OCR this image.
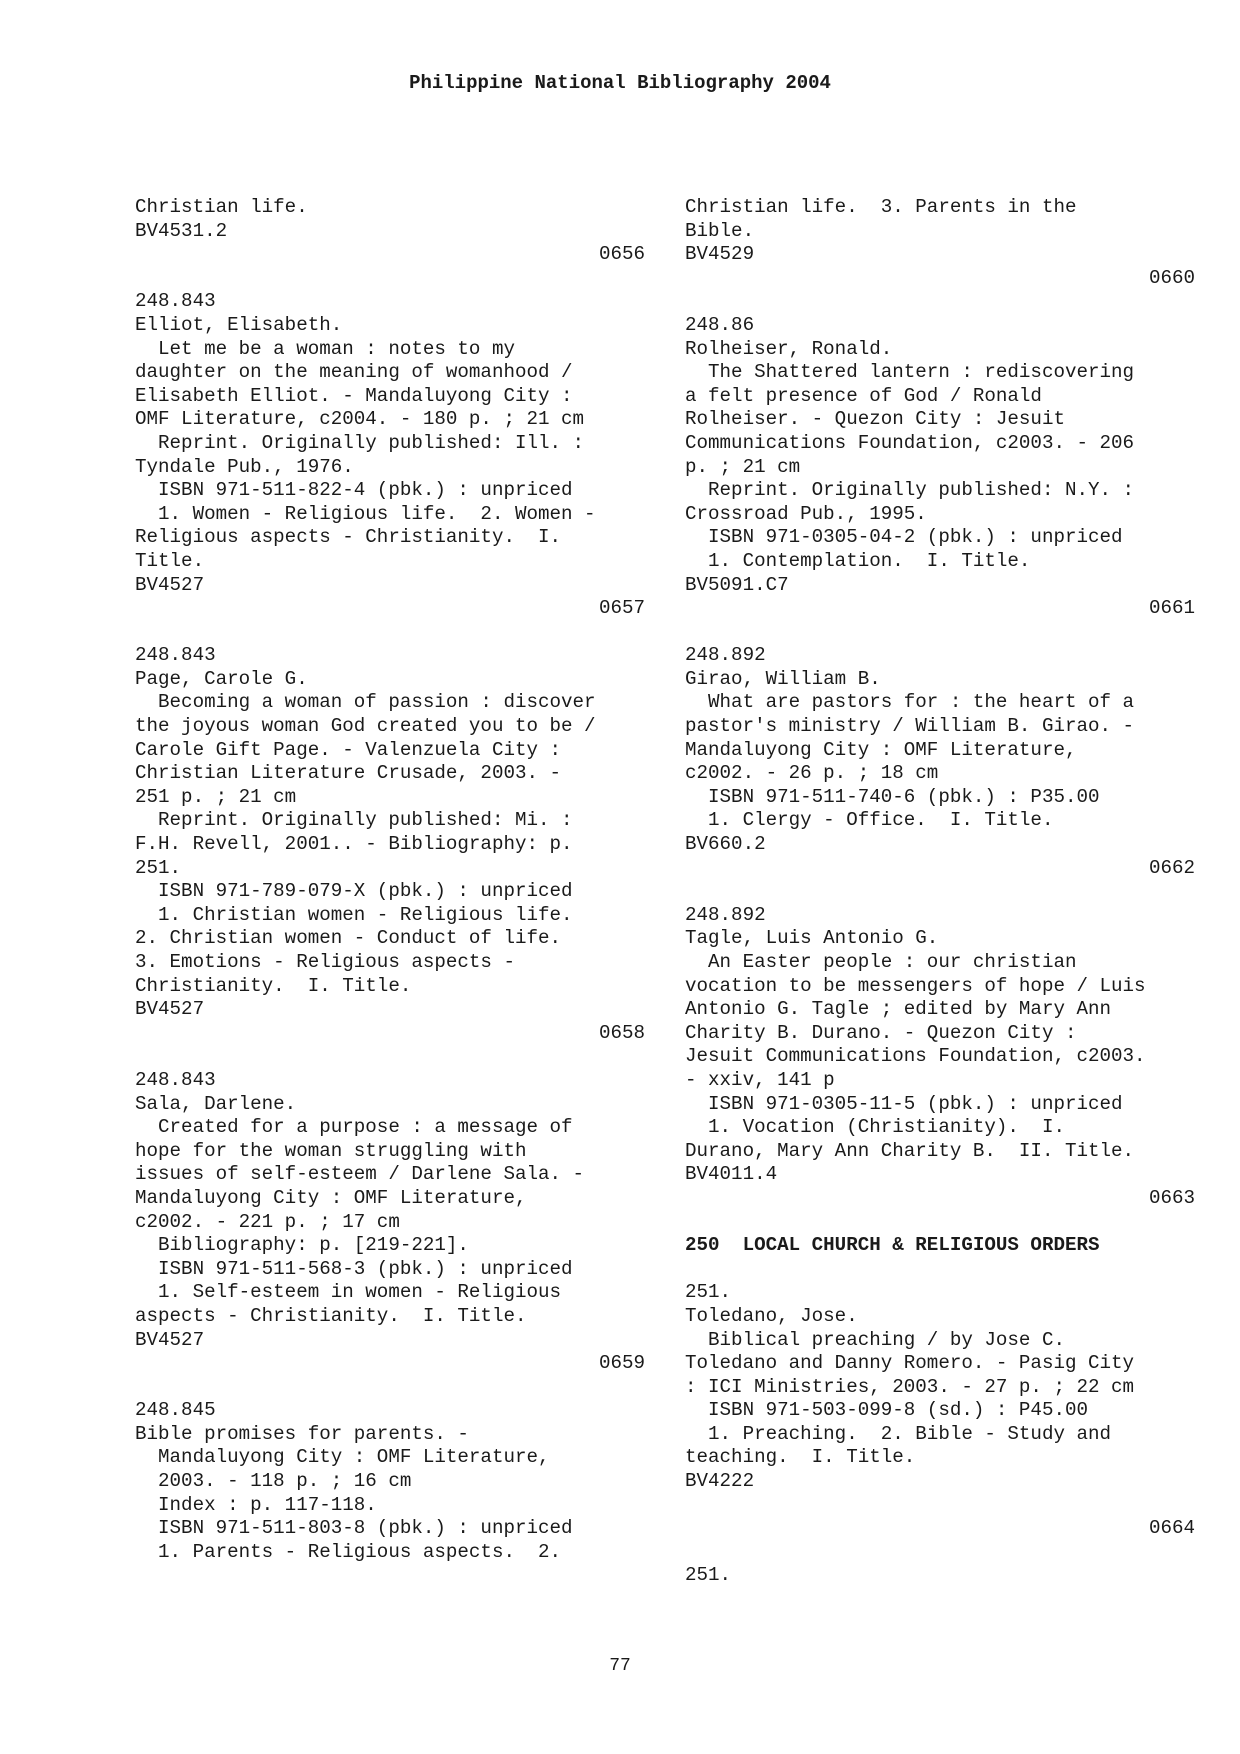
Philippine National Bibliography 2004
Christian life.
BV4531.2
0656
248.843
Elliot, Elisabeth.
Let me be a woman : notes to my
daughter on the meaning of womanhood /
Elisabeth Elliot. - Mandaluyong City :
OMF Literature, c2004. - 180 p. ; 21 cm
Reprint. Originally published: Ill. :
Tyndale Pub., 1976.
ISBN 971-511-822-4 (pbk.) : unpriced
1. Women - Religious life.  2. Women -
Religious aspects - Christianity.  I.
Title.
BV4527
0657
248.843
Page, Carole G.
Becoming a woman of passion : discover
the joyous woman God created you to be /
Carole Gift Page. - Valenzuela City :
Christian Literature Crusade, 2003. -
251 p. ; 21 cm
Reprint. Originally published: Mi. :
F.H. Revell, 2001.. - Bibliography: p.
251.
ISBN 971-789-079-X (pbk.) : unpriced
1. Christian women - Religious life.
2. Christian women - Conduct of life.
3. Emotions - Religious aspects -
Christianity.  I. Title.
BV4527
0658
248.843
Sala, Darlene.
Created for a purpose : a message of
hope for the woman struggling with
issues of self-esteem / Darlene Sala. -
Mandaluyong City : OMF Literature,
c2002. - 221 p. ; 17 cm
Bibliography: p. [219-221].
ISBN 971-511-568-3 (pbk.) : unpriced
1. Self-esteem in women - Religious
aspects - Christianity.  I. Title.
BV4527
0659
248.845
Bible promises for parents. -
Mandaluyong City : OMF Literature,
2003. - 118 p. ; 16 cm
Index : p. 117-118.
ISBN 971-511-803-8 (pbk.) : unpriced
1. Parents - Religious aspects.  2.
Christian life.  3. Parents in the
Bible.
BV4529
0660
248.86
Rolheiser, Ronald.
The Shattered lantern : rediscovering
a felt presence of God / Ronald
Rolheiser. - Quezon City : Jesuit
Communications Foundation, c2003. - 206
p. ; 21 cm
Reprint. Originally published: N.Y. :
Crossroad Pub., 1995.
ISBN 971-0305-04-2 (pbk.) : unpriced
1. Contemplation.  I. Title.
BV5091.C7
0661
248.892
Girao, William B.
What are pastors for : the heart of a
pastor's ministry / William B. Girao. -
Mandaluyong City : OMF Literature,
c2002. - 26 p. ; 18 cm
ISBN 971-511-740-6 (pbk.) : P35.00
1. Clergy - Office.  I. Title.
BV660.2
0662
248.892
Tagle, Luis Antonio G.
An Easter people : our christian
vocation to be messengers of hope / Luis
Antonio G. Tagle ; edited by Mary Ann
Charity B. Durano. - Quezon City :
Jesuit Communications Foundation, c2003.
- xxiv, 141 p
ISBN 971-0305-11-5 (pbk.) : unpriced
1. Vocation (Christianity).  I.
Durano, Mary Ann Charity B.  II. Title.
BV4011.4
0663
250  LOCAL CHURCH & RELIGIOUS ORDERS
251.
Toledano, Jose.
Biblical preaching / by Jose C.
Toledano and Danny Romero. - Pasig City
: ICI Ministries, 2003. - 27 p. ; 22 cm
ISBN 971-503-099-8 (sd.) : P45.00
1. Preaching.  2. Bible - Study and
teaching.  I. Title.
BV4222
0664
251.
77
